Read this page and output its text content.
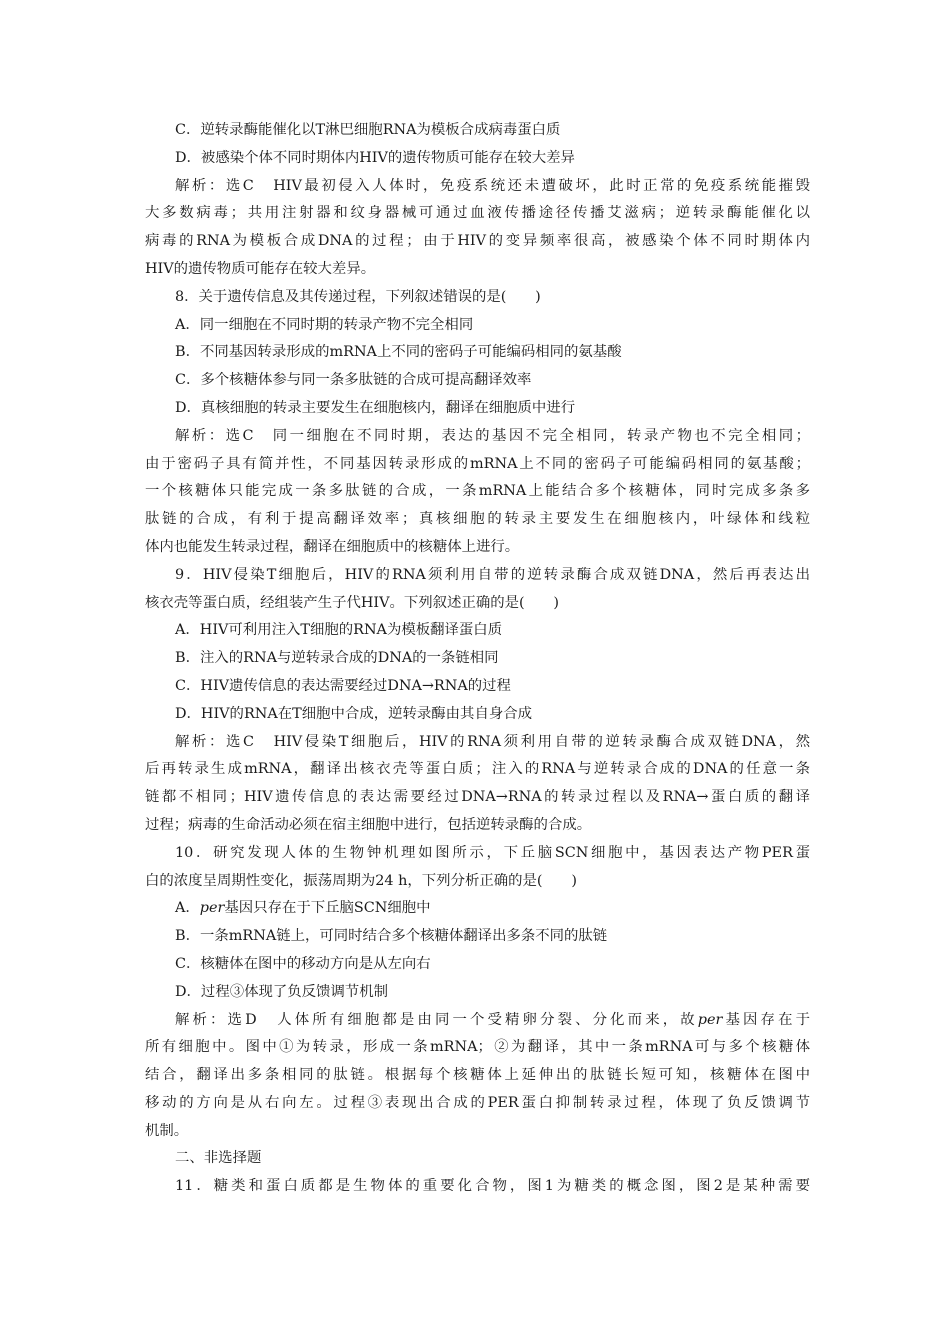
C．逆转录酶能催化以T淋巴细胞RNA为模板合成病毒蛋白质
D．被感染个体不同时期体内HIV的遗传物质可能存在较大差异
解析：选C　HIV最初侵入人体时，免疫系统还未遭破坏，此时正常的免疫系统能摧毁
大多数病毒；共用注射器和纹身器械可通过血液传播途径传播艾滋病；逆转录酶能催化以
病毒的RNA为模板合成DNA的过程；由于HIV的变异频率很高，被感染个体不同时期体内
HIV的遗传物质可能存在较大差异。
8．关于遗传信息及其传递过程，下列叙述错误的是(　　)
A．同一细胞在不同时期的转录产物不完全相同
B．不同基因转录形成的mRNA上不同的密码子可能编码相同的氨基酸
C．多个核糖体参与同一条多肽链的合成可提高翻译效率
D．真核细胞的转录主要发生在细胞核内，翻译在细胞质中进行
解析：选C　同一细胞在不同时期，表达的基因不完全相同，转录产物也不完全相同；
由于密码子具有简并性，不同基因转录形成的mRNA上不同的密码子可能编码相同的氨基酸；
一个核糖体只能完成一条多肽链的合成，一条mRNA上能结合多个核糖体，同时完成多条多
肽链的合成，有利于提高翻译效率；真核细胞的转录主要发生在细胞核内，叶绿体和线粒
体内也能发生转录过程，翻译在细胞质中的核糖体上进行。
9．HIV侵染T细胞后，HIV的RNA须利用自带的逆转录酶合成双链DNA，然后再表达出
核衣壳等蛋白质，经组装产生子代HIV。下列叙述正确的是(　　)
A．HIV可利用注入T细胞的RNA为模板翻译蛋白质
B．注入的RNA与逆转录合成的DNA的一条链相同
C．HIV遗传信息的表达需要经过DNA→RNA的过程
D．HIV的RNA在T细胞中合成，逆转录酶由其自身合成
解析：选C　HIV侵染T细胞后，HIV的RNA须利用自带的逆转录酶合成双链DNA，然
后再转录生成mRNA，翻译出核衣壳等蛋白质；注入的RNA与逆转录合成的DNA的任意一条
链都不相同；HIV遗传信息的表达需要经过DNA→RNA的转录过程以及RNA→蛋白质的翻译
过程；病毒的生命活动必须在宿主细胞中进行，包括逆转录酶的合成。
10．研究发现人体的生物钟机理如图所示，下丘脑SCN细胞中，基因表达产物PER蛋
白的浓度呈周期性变化，振荡周期为24 h，下列分析正确的是(　　)
A．per基因只存在于下丘脑SCN细胞中
B．一条mRNA链上，可同时结合多个核糖体翻译出多条不同的肽链
C．核糖体在图中的移动方向是从左向右
D．过程③体现了负反馈调节机制
解析：选D　人体所有细胞都是由同一个受精卵分裂、分化而来，故per基因存在于
所有细胞中。图中①为转录，形成一条mRNA；②为翻译，其中一条mRNA可与多个核糖体
结合，翻译出多条相同的肽链。根据每个核糖体上延伸出的肽链长短可知，核糖体在图中
移动的方向是从右向左。过程③表现出合成的PER蛋白抑制转录过程，体现了负反馈调节
机制。
二、非选择题
11．糖类和蛋白质都是生物体的重要化合物，图1为糖类的概念图，图2是某种需要
